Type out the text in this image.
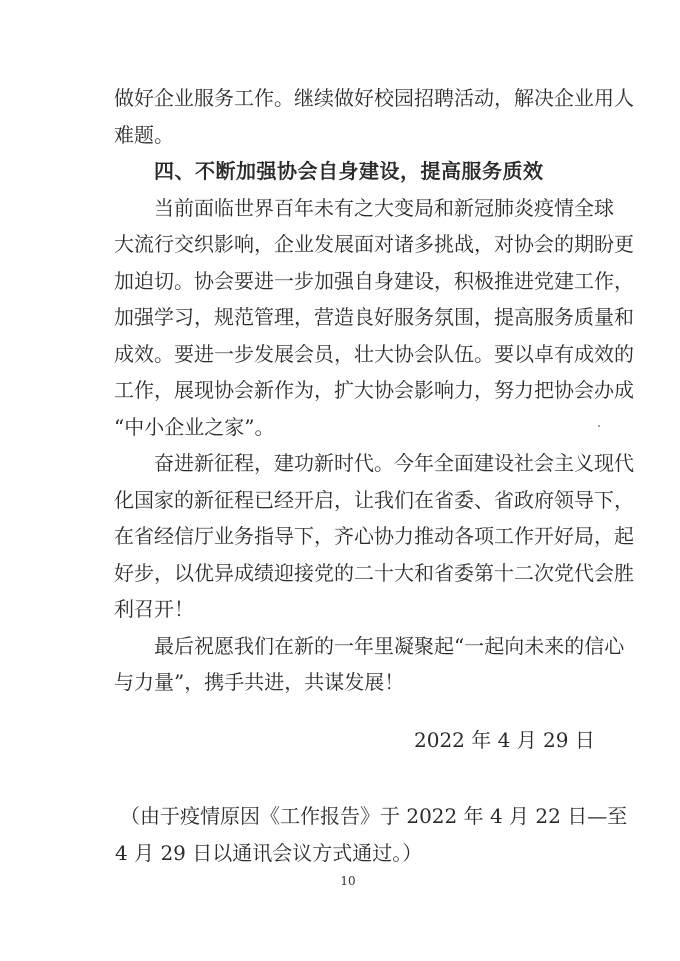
做好企业服务工作。继续做好校园招聘活动，解决企业用人
难题。
四、不断加强协会自身建设，提高服务质效
当前面临世界百年未有之大变局和新冠肺炎疫情全球
大流行交织影响，企业发展面对诸多挑战，对协会的期盼更
加迫切。协会要进一步加强自身建设，积极推进党建工作，
加强学习，规范管理，营造良好服务氛围，提高服务质量和
成效。要进一步发展会员，壮大协会队伍。要以卓有成效的
工作，展现协会新作为，扩大协会影响力，努力把协会办成
“中小企业之家”。
奋进新征程，建功新时代。今年全面建设社会主义现代
化国家的新征程已经开启，让我们在省委、省政府领导下，
在省经信厅业务指导下，齐心协力推动各项工作开好局，起
好步，以优异成绩迎接党的二十大和省委第十二次党代会胜
利召开！
最后祝愿我们在新的一年里凝聚起“一起向未来的信心
与力量”，携手共进，共谋发展！
2022 年 4 月 29 日
（由于疫情原因《工作报告》于 2022 年 4 月 22 日—至
4 月 29 日以通讯会议方式通过。）
10
